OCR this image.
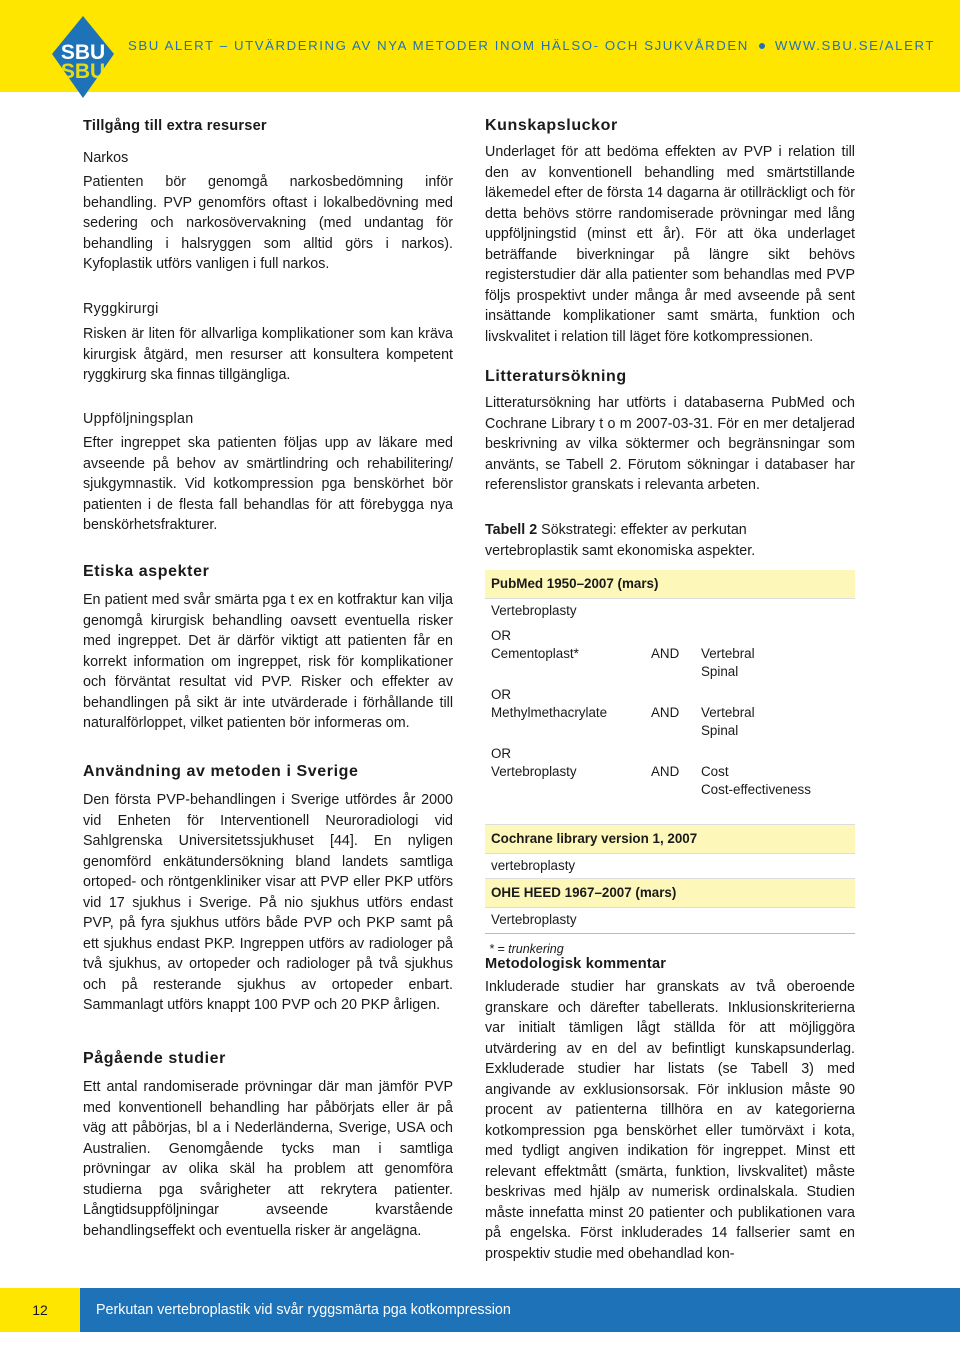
SBU
SBU
SBU ALERT – UTVÄRDERING AV NYA METODER INOM HÄLSO- OCH SJUKVÅRDEN WWW.SBU.SE/ALERT
Tillgång till extra resurser
Narkos

Patienten bör genomgå narkosbedömning inför behandling. PVP genomförs oftast i lokalbedövning med sedering och narkosövervakning (med undantag för behandling i halsryggen som alltid görs i narkos). Kyfoplastik utförs vanligen i full narkos.

Ryggkirurgi

Risken är liten för allvarliga komplikationer som kan kräva kirurgisk åtgärd, men resurser att konsultera kompetent ryggkirurg ska finnas tillgängliga.

Uppföljningsplan

Efter ingreppet ska patienten följas upp av läkare med avseende på behov av smärtlindring och rehabilitering/ sjukgymnastik. Vid kotkompression pga benskörhet bör patienten i de flesta fall behandlas för att förebygga nya benskörhetsfrakturer.

Etiska aspekter

En patient med svår smärta pga t ex en kotfraktur kan vilja genomgå kirurgisk behandling oavsett eventuella risker med ingreppet. Det är därför viktigt att patienten får en korrekt information om ingreppet, risk för komplikationer och förväntat resultat vid PVP. Risker och effekter av behandlingen på sikt är inte utvärderade i förhållande till naturalförloppet, vilket patienten bör informeras om.

Användning av metoden i Sverige

Den första PVP-behandlingen i Sverige utfördes år 2000 vid Enheten för Interventionell Neuroradiologi vid Sahlgrenska Universitetssjukhuset [44]. En nyligen genomförd enkätundersökning bland landets samtliga ortoped- och röntgenkliniker visar att PVP eller PKP utförs vid 17 sjukhus i Sverige. På nio sjukhus utförs endast PVP, på fyra sjukhus utförs både PVP och PKP samt på ett sjukhus endast PKP. Ingreppen utförs av radiologer på två sjukhus, av ortopeder och radiologer på två sjukhus och på resterande sjukhus av ortopeder enbart. Sammanlagt utförs knappt 100 PVP och 20 PKP årligen.

Pågående studier

Ett antal randomiserade prövningar där man jämför PVP med konventionell behandling har påbörjats eller är på väg att påbörjas, bl a i Nederländerna, Sverige, USA och Australien. Genomgående tycks man i samtliga prövningar av olika skäl ha problem att genomföra studierna pga svårigheter att rekrytera patienter. Långtidsuppföljningar avseende kvarstående behandlingseffekt och eventuella risker är angelägna.

Kunskapsluckor

Underlaget för att bedöma effekten av PVP i relation till den av konventionell behandling med smärtstillande läkemedel efter de första 14 dagarna är otillräckligt och för detta behövs större randomiserade prövningar med lång uppföljningstid (minst ett år). För att öka underlaget beträffande biverkningar på längre sikt behövs registerstudier där alla patienter som behandlas med PVP följs prospektivt under många år med avseende på sent insättande komplikationer samt smärta, funktion och livskvalitet i relation till läget före kotkompressionen.

Litteratursökning

Litteratursökning har utförts i databaserna PubMed och Cochrane Library t o m 2007-03-31. För en mer detaljerad beskrivning av vilka söktermer och begränsningar som använts, se Tabell 2. Förutom sökningar i databaser har referenslistor granskats i relevanta arbeten.

Tabell 2 Sökstrategi: effekter av perkutan vertebroplastik samt ekonomiska aspekter.

Metodologisk kommentar

Inkluderade studier har granskats av två oberoende granskare och därefter tabellerats. Inklusionskriterierna var initialt tämligen lågt ställda för att möjliggöra utvärdering av en del av befintligt kunskapsunderlag. Exkluderade studier har listats (se Tabell 3) med angivande av exklusionsorsak. För inklusion måste 90 procent av patienterna tillhöra en av kategorierna kotkompression pga benskörhet eller tumörväxt i kota, med tydligt angiven indikation för ingreppet. Minst ett relevant effektmått (smärta, funktion, livskvalitet) måste beskrivas med hjälp av numerisk ordinalskala. Studien måste innefatta minst 20 patienter och publikationen vara på engelska. Först inkluderades 14 fallserier samt en prospektiv studie med obehandlad kon-

PubMed 1950–2007 (mars)
Vertebroplasty
OR
Cementoplast*	AND Vertebral
Spinal
OR
Methylmethacrylate	AND Vertebral
Spinal
OR
Vertebroplasty	AND Cost
Cost-effectiveness
Cochrane library version 1, 2007
vertebroplasty
OHE HEED 1967–2007 (mars)
Vertebroplasty
* = trunkering
12	Perkutan vertebroplastik vid svår ryggsmärta pga kotkompression
